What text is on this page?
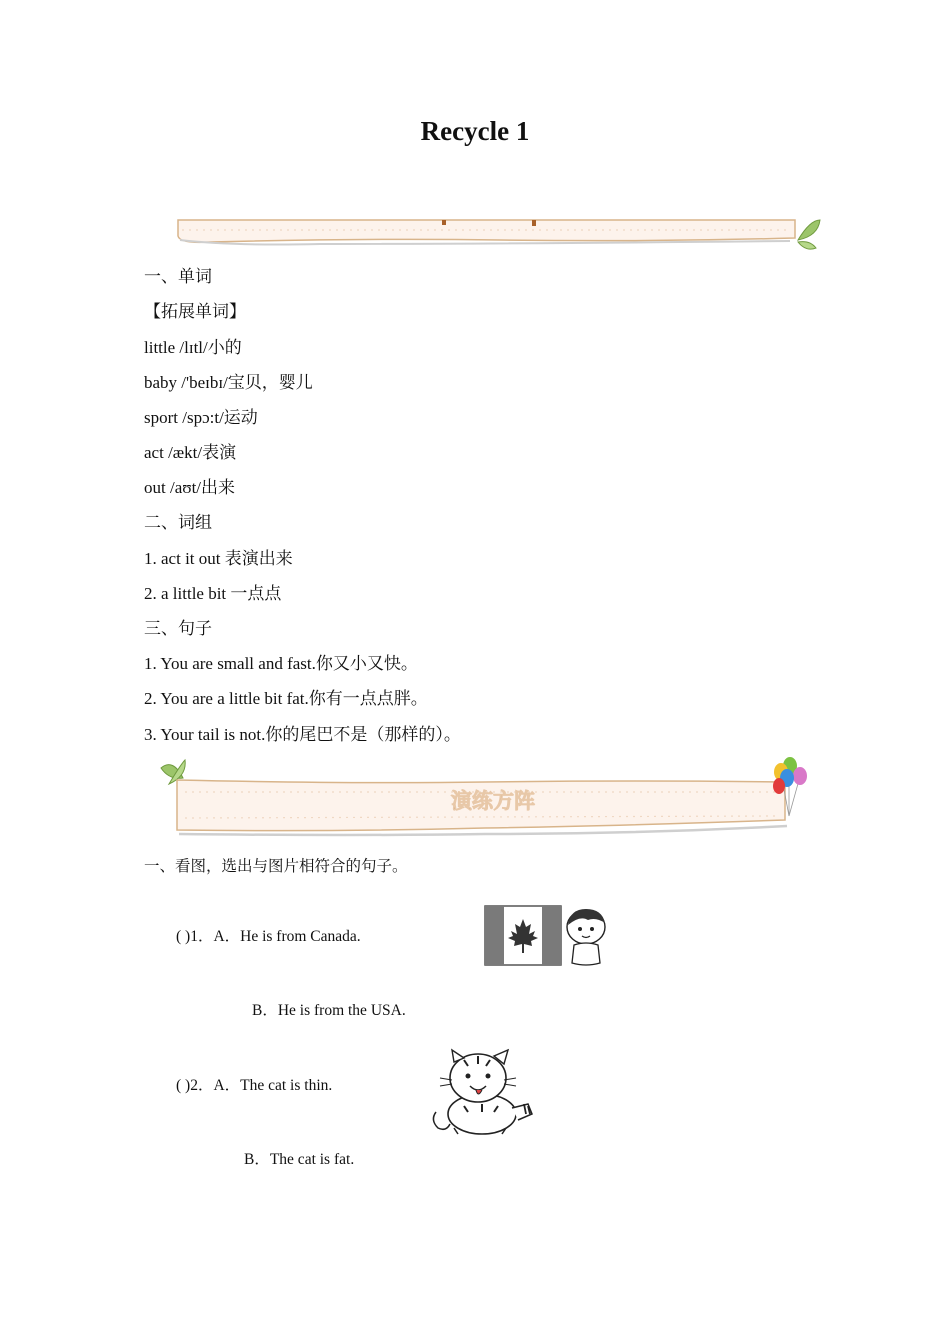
Recycle 1
一、单词
【拓展单词】
little /lɪtl/小的
baby /'beɪbɪ/宝贝，婴儿
sport /spɔ:t/运动
act /ækt/表演
out /aʊt/出来
二、词组
1. act it out 表演出来
2. a little bit 一点点
三、句子
1. You are small and fast.你又小又快。
2. You are a little bit fat.你有一点点胖。
3. Your tail is not.你的尾巴不是（那样的）。
演练方阵
一、看图，选出与图片相符合的句子。
( )1．A．He is from Canada.
B．He is from the USA.
( )2．A．The cat is thin.
B．The cat is fat.
